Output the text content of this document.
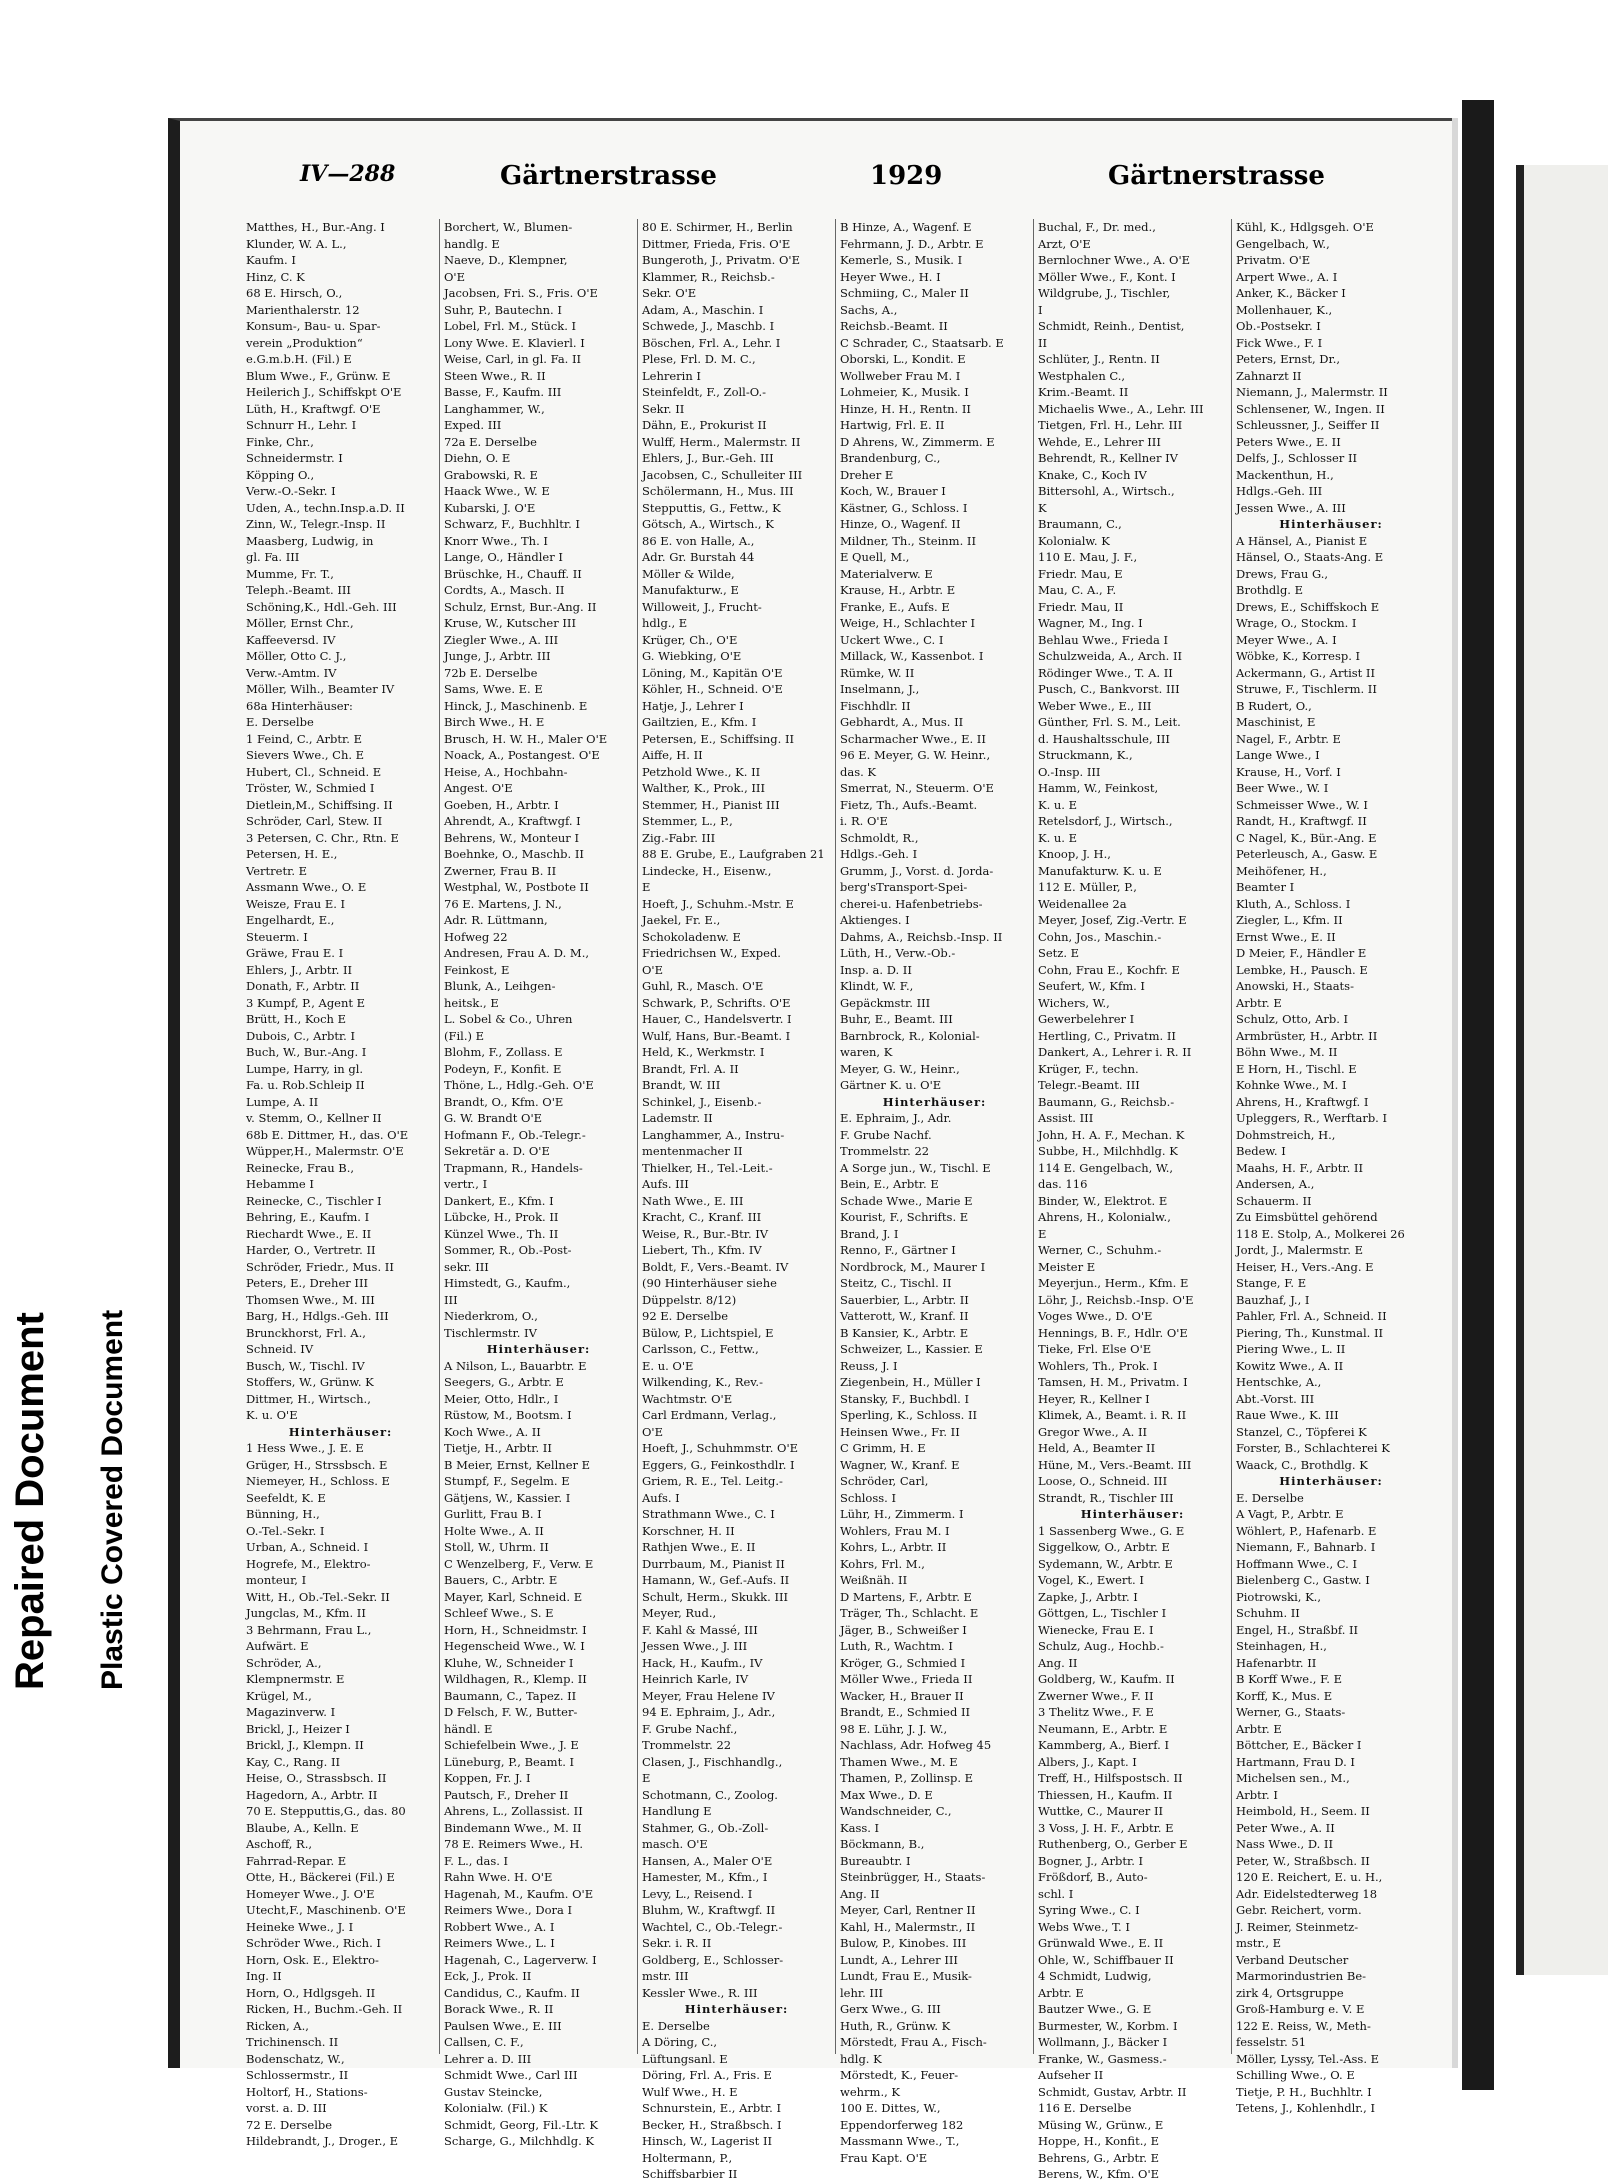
Repaired Document Plastic Covered Document
IV—288	Gärtnerstrasse	1929	Gärtnerstrasse
Matthes, H., Bur.-Ang. I
Klunder, W. A. L.,
Kaufm. I
Hinz, C. K
68 E. Hirsch, O.,
Marienthalerstr. 12
Konsum-, Bau- u. Spar-
verein „Produktion“
e.G.m.b.H. (Fil.) E
Blum Wwe., F., Grünw. E
Heilerich J., Schiffskpt O'E
Lüth, H., Kraftwgf. O'E
Schnurr H., Lehr. I
Finke, Chr.,
Schneidermstr. I
Köpping O.,
Verw.-O.-Sekr. I
Uden, A., techn.Insp.a.D. II
Zinn, W., Telegr.-Insp. II
Maasberg, Ludwig, in
gl. Fa. III
Mumme, Fr. T.,
Teleph.-Beamt. III
Schöning,K., Hdl.-Geh. III
Möller, Ernst Chr.,
Kaffeeversd. IV
Möller, Otto C. J.,
Verw.-Amtm. IV
Möller, Wilh., Beamter IV
68a Hinterhäuser:
E. Derselbe
1 Feind, C., Arbtr. E
Sievers Wwe., Ch. E
Hubert, Cl., Schneid. E
Tröster, W., Schmied I
Dietlein,M., Schiffsing. II
Schröder, Carl, Stew. II
3 Petersen, C. Chr., Rtn. E
Petersen, H. E.,
Vertretr. E
Assmann Wwe., O. E
Weisze, Frau E. I
Engelhardt, E.,
Steuerm. I
Gräwe, Frau E. I
Ehlers, J., Arbtr. II
Donath, F., Arbtr. II
3 Kumpf, P., Agent E
Brütt, H., Koch E
Dubois, C., Arbtr. I
Buch, W., Bur.-Ang. I
Lumpe, Harry, in gl.
Fa. u. Rob.Schleip II
Lumpe, A. II
v. Stemm, O., Kellner II
68b E. Dittmer, H., das. O'E
Wüpper,H., Malermstr. O'E
Reinecke, Frau B.,
Hebamme I
Reinecke, C., Tischler I
Behring, E., Kaufm. I
Riechardt Wwe., E. II
Harder, O., Vertretr. II
Schröder, Friedr., Mus. II
Peters, E., Dreher III
Thomsen Wwe., M. III
Barg, H., Hdlgs.-Geh. III
Brunckhorst, Frl. A.,
Schneid. IV
Busch, W., Tischl. IV
Stoffers, W., Grünw. K
Dittmer, H., Wirtsch.,
K. u. O'E
Hinterhäuser:
1 Hess Wwe., J. E. E
Grüger, H., Strssbsch. E
Niemeyer, H., Schloss. E
Seefeldt, K. E
Bünning, H.,
O.-Tel.-Sekr. I
Urban, A., Schneid. I
Hogrefe, M., Elektro-
monteur, I
Witt, H., Ob.-Tel.-Sekr. II
Jungclas, M., Kfm. II
3 Behrmann, Frau L.,
Aufwärt. E
Schröder, A.,
Klempnermstr. E
Krügel, M.,
Magazinverw. I
Brickl, J., Heizer I
Brickl, J., Klempn. II
Kay, C., Rang. II
Heise, O., Strassbsch. II
Hagedorn, A., Arbtr. II
70 E. Stepputtis,G., das. 80
Blaube, A., Kelln. E
Aschoff, R.,
Fahrrad-Repar. E
Otte, H., Bäckerei (Fil.) E
Homeyer Wwe., J. O'E
Utecht,F., Maschinenb. O'E
Heineke Wwe., J. I
Schröder Wwe., Rich. I
Horn, Osk. E., Elektro-
Ing. II
Horn, O., Hdlgsgeh. II
Ricken, H., Buchm.-Geh. II
Ricken, A.,
Trichinensch. II
Bodenschatz, W.,
Schlossermstr., II
Holtorf, H., Stations-
vorst. a. D. III
72 E. Derselbe
Hildebrandt, J., Droger., E
Borchert, W., Blumen-
handlg. E
Naeve, D., Klempner,
O'E
Jacobsen, Fri. S., Fris. O'E
Suhr, P., Bautechn. I
Lobel, Frl. M., Stück. I
Lony Wwe. E. Klavierl. I
Weise, Carl, in gl. Fa. II
Steen Wwe., R. II
Basse, F., Kaufm. III
Langhammer, W.,
Exped. III
72a E. Derselbe
Diehn, O. E
Grabowski, R. E
Haack Wwe., W. E
Kubarski, J. O'E
Schwarz, F., Buchhltr. I
Knorr Wwe., Th. I
Lange, O., Händler I
Brüschke, H., Chauff. II
Cordts, A., Masch. II
Schulz, Ernst, Bur.-Ang. II
Kruse, W., Kutscher III
Ziegler Wwe., A. III
Junge, J., Arbtr. III
72b E. Derselbe
Sams, Wwe. E. E
Hinck, J., Maschinenb. E
Birch Wwe., H. E
Brusch, H. W. H., Maler O'E
Noack, A., Postangest. O'E
Heise, A., Hochbahn-
Angest. O'E
Goeben, H., Arbtr. I
Ahrendt, A., Kraftwgf. I
Behrens, W., Monteur I
Boehnke, O., Maschb. II
Zwerner, Frau B. II
Westphal, W., Postbote II
76 E. Martens, J. N.,
Adr. R. Lüttmann,
Hofweg 22
Andresen, Frau A. D. M.,
Feinkost, E
Blunk, A., Leihgen-
heitsk., E
L. Sobel & Co., Uhren
(Fil.) E
Blohm, F., Zollass. E
Podeyn, F., Konfit. E
Thöne, L., Hdlg.-Geh. O'E
Brandt, O., Kfm. O'E
G. W. Brandt O'E
Hofmann F., Ob.-Telegr.-
Sekretär a. D. O'E
Trapmann, R., Handels-
vertr., I
Dankert, E., Kfm. I
Lübcke, H., Prok. II
Künzel Wwe., Th. II
Sommer, R., Ob.-Post-
sekr. III
Himstedt, G., Kaufm.,
III
Niederkrom, O.,
Tischlermstr. IV
Hinterhäuser:
A Nilson, L., Bauarbtr. E
Seegers, G., Arbtr. E
Meier, Otto, Hdlr., I
Rüstow, M., Bootsm. I
Koch Wwe., A. II
Tietje, H., Arbtr. II
B Meier, Ernst, Kellner E
Stumpf, F., Segelm. E
Gätjens, W., Kassier. I
Gurlitt, Frau B. I
Holte Wwe., A. II
Stoll, W., Uhrm. II
C Wenzelberg, F., Verw. E
Bauers, C., Arbtr. E
Mayer, Karl, Schneid. E
Schleef Wwe., S. E
Horn, H., Schneidmstr. I
Hegenscheid Wwe., W. I
Kluhe, W., Schneider I
Wildhagen, R., Klemp. II
Baumann, C., Tapez. II
D Felsch, F. W., Butter-
händl. E
Schiefelbein Wwe., J. E
Lüneburg, P., Beamt. I
Koppen, Fr. J. I
Pautsch, F., Dreher II
Ahrens, L., Zollassist. II
Bindemann Wwe., M. II
78 E. Reimers Wwe., H.
F. L., das. I
Rahn Wwe. H. O'E
Hagenah, M., Kaufm. O'E
Reimers Wwe., Dora I
Robbert Wwe., A. I
Reimers Wwe., L. I
Hagenah, C., Lagerverw. I
Eck, J., Prok. II
Candidus, C., Kaufm. II
Borack Wwe., R. II
Paulsen Wwe., E. III
Callsen, C. F.,
Lehrer a. D. III
Schmidt Wwe., Carl III
Gustav Steincke,
Kolonialw. (Fil.) K
Schmidt, Georg, Fil.-Ltr. K
Scharge, G., Milchhdlg. K
80 E. Schirmer, H., Berlin
Dittmer, Frieda, Fris. O'E
Bungeroth, J., Privatm. O'E
Klammer, R., Reichsb.-
Sekr. O'E
Adam, A., Maschin. I
Schwede, J., Maschb. I
Böschen, Frl. A., Lehr. I
Plese, Frl. D. M. C.,
Lehrerin I
Steinfeldt, F., Zoll-O.-
Sekr. II
Dähn, E., Prokurist II
Wulff, Herm., Malermstr. II
Ehlers, J., Bur.-Geh. III
Jacobsen, C., Schulleiter III
Schölermann, H., Mus. III
Stepputtis, G., Fettw., K
Götsch, A., Wirtsch., K
86 E. von Halle, A.,
Adr. Gr. Burstah 44
Möller & Wilde,
Manufakturw., E
Willoweit, J., Frucht-
hdlg., E
Krüger, Ch., O'E
G. Wiebking, O'E
Löning, M., Kapitän O'E
Köhler, H., Schneid. O'E
Hatje, J., Lehrer I
Gailtzien, E., Kfm. I
Petersen, E., Schiffsing. II
Aiffe, H. II
Petzhold Wwe., K. II
Walther, K., Prok., III
Stemmer, H., Pianist III
Stemmer, L., P.,
Zig.-Fabr. III
88 E. Grube, E., Laufgraben 21
Lindecke, H., Eisenw.,
E
Hoeft, J., Schuhm.-Mstr. E
Jaekel, Fr. E.,
Schokoladenw. E
Friedrichsen W., Exped.
O'E
Guhl, R., Masch. O'E
Schwark, P., Schrifts. O'E
Hauer, C., Handelsvertr. I
Wulf, Hans, Bur.-Beamt. I
Held, K., Werkmstr. I
Brandt, Frl. A. II
Brandt, W. III
Schinkel, J., Eisenb.-
Lademstr. II
Langhammer, A., Instru-
mentenmacher II
Thielker, H., Tel.-Leit.-
Aufs. III
Nath Wwe., E. III
Kracht, C., Kranf. III
Weise, R., Bur.-Btr. IV
Liebert, Th., Kfm. IV
Boldt, F., Vers.-Beamt. IV
(90 Hinterhäuser siehe
Düppelstr. 8/12)
92 E. Derselbe
Bülow, P., Lichtspiel, E
Carlsson, C., Fettw.,
E. u. O'E
Wilkending, K., Rev.-
Wachtmstr. O'E
Carl Erdmann, Verlag.,
O'E
Hoeft, J., Schuhmmstr. O'E
Eggers, G., Feinkosthdlr. I
Griem, R. E., Tel. Leitg.-
Aufs. I
Strathmann Wwe., C. I
Korschner, H. II
Rathjen Wwe., E. II
Durrbaum, M., Pianist II
Hamann, W., Gef.-Aufs. II
Schult, Herm., Skukk. III
Meyer, Rud.,
F. Kahl & Massé, III
Jessen Wwe., J. III
Hack, H., Kaufm., IV
Heinrich Karle, IV
Meyer, Frau Helene IV
94 E. Ephraim, J., Adr.,
F. Grube Nachf.,
Trommelstr. 22
Clasen, J., Fischhandlg.,
E
Schotmann, C., Zoolog.
Handlung E
Stahmer, G., Ob.-Zoll-
masch. O'E
Hansen, A., Maler O'E
Hamester, M., Kfm., I
Levy, L., Reisend. I
Bluhm, W., Kraftwgf. II
Wachtel, C., Ob.-Telegr.-
Sekr. i. R. II
Goldberg, E., Schlosser-
mstr. III
Kessler Wwe., R. III
Hinterhäuser:
E. Derselbe
A Döring, C.,
Lüftungsanl. E
Döring, Frl. A., Fris. E
Wulf Wwe., H. E
Schnurstein, E., Arbtr. I
Becker, H., Straßbsch. I
Hinsch, W., Lagerist II
Holtermann, P.,
Schiffsbarbier II
B Hinze, A., Wagenf. E
Fehrmann, J. D., Arbtr. E
Kemerle, S., Musik. I
Heyer Wwe., H. I
Schmiing, C., Maler II
Sachs, A.,
Reichsb.-Beamt. II
C Schrader, C., Staatsarb. E
Oborski, L., Kondit. E
Wollweber Frau M. I
Lohmeier, K., Musik. I
Hinze, H. H., Rentn. II
Hartwig, Frl. E. II
D Ahrens, W., Zimmerm. E
Brandenburg, C.,
Dreher E
Koch, W., Brauer I
Kästner, G., Schloss. I
Hinze, O., Wagenf. II
Mildner, Th., Steinm. II
E Quell, M.,
Materialverw. E
Krause, H., Arbtr. E
Franke, E., Aufs. E
Weige, H., Schlachter I
Uckert Wwe., C. I
Millack, W., Kassenbot. I
Rümke, W. II
Inselmann, J.,
Fischhdlr. II
Gebhardt, A., Mus. II
Scharmacher Wwe., E. II
96 E. Meyer, G. W. Heinr.,
das. K
Smerrat, N., Steuerm. O'E
Fietz, Th., Aufs.-Beamt.
i. R. O'E
Schmoldt, R.,
Hdlgs.-Geh. I
Grumm, J., Vorst. d. Jorda-
berg'sTransport-Spei-
cherei-u. Hafenbetriebs-
Aktienges. I
Dahms, A., Reichsb.-Insp. II
Lüth, H., Verw.-Ob.-
Insp. a. D. II
Klindt, W. F.,
Gepäckmstr. III
Buhr, E., Beamt. III
Barnbrock, R., Kolonial-
waren, K
Meyer, G. W., Heinr.,
Gärtner K. u. O'E
Hinterhäuser:
E. Ephraim, J., Adr.
F. Grube Nachf.
Trommelstr. 22
A Sorge jun., W., Tischl. E
Bein, E., Arbtr. E
Schade Wwe., Marie E
Kourist, F., Schrifts. E
Brand, J. I
Renno, F., Gärtner I
Nordbrock, M., Maurer I
Steitz, C., Tischl. II
Sauerbier, L., Arbtr. II
Vatterott, W., Kranf. II
B Kansier, K., Arbtr. E
Schweizer, L., Kassier. E
Reuss, J. I
Ziegenbein, H., Müller I
Stansky, F., Buchbdl. I
Sperling, K., Schloss. II
Heinsen Wwe., Fr. II
C Grimm, H. E
Wagner, W., Kranf. E
Schröder, Carl,
Schloss. I
Lühr, H., Zimmerm. I
Wohlers, Frau M. I
Kohrs, L., Arbtr. II
Kohrs, Frl. M.,
Weißnäh. II
D Martens, F., Arbtr. E
Träger, Th., Schlacht. E
Jäger, B., Schweißer I
Luth, R., Wachtm. I
Kröger, G., Schmied I
Möller Wwe., Frieda II
Wacker, H., Brauer II
Brandt, E., Schmied II
98 E. Lühr, J. J. W.,
Nachlass, Adr. Hofweg 45
Thamen Wwe., M. E
Thamen, P., Zollinsp. E
Max Wwe., D. E
Wandschneider, C.,
Kass. I
Böckmann, B.,
Bureaubtr. I
Steinbrügger, H., Staats-
Ang. II
Meyer, Carl, Rentner II
Kahl, H., Malermstr., II
Bulow, P., Kinobes. III
Lundt, A., Lehrer III
Lundt, Frau E., Musik-
lehr. III
Gerx Wwe., G. III
Huth, R., Grünw. K
Mörstedt, Frau A., Fisch-
hdlg. K
Mörstedt, K., Feuer-
wehrm., K
100 E. Dittes, W.,
Eppendorferweg 182
Massmann Wwe., T.,
Frau Kapt. O'E
Buchal, F., Dr. med.,
Arzt, O'E
Bernlochner Wwe., A. O'E
Möller Wwe., F., Kont. I
Wildgrube, J., Tischler,
I
Schmidt, Reinh., Dentist,
II
Schlüter, J., Rentn. II
Westphalen C.,
Krim.-Beamt. II
Michaelis Wwe., A., Lehr. III
Tietgen, Frl. H., Lehr. III
Wehde, E., Lehrer III
Behrendt, R., Kellner IV
Knake, C., Koch IV
Bittersohl, A., Wirtsch.,
K
Braumann, C.,
Kolonialw. K
110 E. Mau, J. F.,
Friedr. Mau, E
Mau, C. A., F.
Friedr. Mau, II
Wagner, M., Ing. I
Behlau Wwe., Frieda I
Schulzweida, A., Arch. II
Rödinger Wwe., T. A. II
Pusch, C., Bankvorst. III
Weber Wwe., E., III
Günther, Frl. S. M., Leit.
d. Haushaltsschule, III
Struckmann, K.,
O.-Insp. III
Hamm, W., Feinkost,
K. u. E
Retelsdorf, J., Wirtsch.,
K. u. E
Knoop, J. H.,
Manufakturw. K. u. E
112 E. Müller, P.,
Weidenallee 2a
Meyer, Josef, Zig.-Vertr. E
Cohn, Jos., Maschin.-
Setz. E
Cohn, Frau E., Kochfr. E
Seufert, W., Kfm. I
Wichers, W.,
Gewerbelehrer I
Hertling, C., Privatm. II
Dankert, A., Lehrer i. R. II
Krüger, F., techn.
Telegr.-Beamt. III
Baumann, G., Reichsb.-
Assist. III
John, H. A. F., Mechan. K
Subbe, H., Milchhdlg. K
114 E. Gengelbach, W.,
das. 116
Binder, W., Elektrot. E
Ahrens, H., Kolonialw.,
E
Werner, C., Schuhm.-
Meister E
Meyerjun., Herm., Kfm. E
Löhr, J., Reichsb.-Insp. O'E
Voges Wwe., D. O'E
Hennings, B. F., Hdlr. O'E
Tieke, Frl. Else O'E
Wohlers, Th., Prok. I
Tamsen, H. M., Privatm. I
Heyer, R., Kellner I
Klimek, A., Beamt. i. R. II
Gregor Wwe., A. II
Held, A., Beamter II
Hüne, M., Vers.-Beamt. III
Loose, O., Schneid. III
Strandt, R., Tischler III
Hinterhäuser:
1 Sassenberg Wwe., G. E
Siggelkow, O., Arbtr. E
Sydemann, W., Arbtr. E
Vogel, K., Ewert. I
Zapke, J., Arbtr. I
Göttgen, L., Tischler I
Wienecke, Frau E. I
Schulz, Aug., Hochb.-
Ang. II
Goldberg, W., Kaufm. II
Zwerner Wwe., F. II
3 Thelitz Wwe., F. E
Neumann, E., Arbtr. E
Kammberg, A., Bierf. I
Albers, J., Kapt. I
Treff, H., Hilfspostsch. II
Thiessen, H., Kaufm. II
Wuttke, C., Maurer II
3 Voss, J. H. F., Arbtr. E
Ruthenberg, O., Gerber E
Bogner, J., Arbtr. I
Frößdorf, B., Auto-
schl. I
Syring Wwe., C. I
Webs Wwe., T. I
Grünwald Wwe., E. II
Ohle, W., Schiffbauer II
4 Schmidt, Ludwig,
Arbtr. E
Bautzer Wwe., G. E
Burmester, W., Korbm. I
Wollmann, J., Bäcker I
Franke, W., Gasmess.-
Aufseher II
Schmidt, Gustav, Arbtr. II
116 E. Derselbe
Müsing W., Grünw., E
Hoppe, H., Konfit., E
Behrens, G., Arbtr. E
Berens, W., Kfm. O'E
Kühl, K., Hdlgsgeh. O'E
Gengelbach, W.,
Privatm. O'E
Arpert Wwe., A. I
Anker, K., Bäcker I
Mollenhauer, K.,
Ob.-Postsekr. I
Fick Wwe., F. I
Peters, Ernst, Dr.,
Zahnarzt II
Niemann, J., Malermstr. II
Schlensener, W., Ingen. II
Schleussner, J., Seiffer II
Peters Wwe., E. II
Delfs, J., Schlosser II
Mackenthun, H.,
Hdlgs.-Geh. III
Jessen Wwe., A. III
Hinterhäuser:
A Hänsel, A., Pianist E
Hänsel, O., Staats-Ang. E
Drews, Frau G.,
Brothdlg. E
Drews, E., Schiffskoch E
Wrage, O., Stockm. I
Meyer Wwe., A. I
Wöbke, K., Korresp. I
Ackermann, G., Artist II
Struwe, F., Tischlerm. II
B Rudert, O.,
Maschinist, E
Nagel, F., Arbtr. E
Lange Wwe., I
Krause, H., Vorf. I
Beer Wwe., W. I
Schmeisser Wwe., W. I
Randt, H., Kraftwgf. II
C Nagel, K., Bür.-Ang. E
Peterleusch, A., Gasw. E
Meihöfener, H.,
Beamter I
Kluth, A., Schloss. I
Ziegler, L., Kfm. II
Ernst Wwe., E. II
D Meier, F., Händler E
Lembke, H., Pausch. E
Anowski, H., Staats-
Arbtr. E
Schulz, Otto, Arb. I
Armbrüster, H., Arbtr. II
Böhn Wwe., M. II
E Horn, H., Tischl. E
Kohnke Wwe., M. I
Ahrens, H., Kraftwgf. I
Upleggers, R., Werftarb. I
Dohmstreich, H.,
Bedew. I
Maahs, H. F., Arbtr. II
Andersen, A.,
Schauerm. II
Zu Eimsbüttel gehörend
118 E. Stolp, A., Molkerei 26
Jordt, J., Malermstr. E
Heiser, H., Vers.-Ang. E
Stange, F. E
Bauzhaf, J., I
Pahler, Frl. A., Schneid. II
Piering, Th., Kunstmal. II
Piering Wwe., L. II
Kowitz Wwe., A. II
Hentschke, A.,
Abt.-Vorst. III
Raue Wwe., K. III
Stanzel, C., Töpferei K
Forster, B., Schlachterei K
Waack, C., Brothdlg. K
Hinterhäuser:
E. Derselbe
A Vagt, P., Arbtr. E
Wöhlert, P., Hafenarb. E
Niemann, F., Bahnarb. I
Hoffmann Wwe., C. I
Bielenberg C., Gastw. I
Piotrowski, K.,
Schuhm. II
Engel, H., Straßbf. II
Steinhagen, H.,
Hafenarbtr. II
B Korff Wwe., F. E
Korff, K., Mus. E
Werner, G., Staats-
Arbtr. E
Böttcher, E., Bäcker I
Hartmann, Frau D. I
Michelsen sen., M.,
Arbtr. I
Heimbold, H., Seem. II
Peter Wwe., A. II
Nass Wwe., D. II
Peter, W., Straßbsch. II
120 E. Reichert, E. u. H.,
Adr. Eidelstedterweg 18
Gebr. Reichert, vorm.
J. Reimer, Steinmetz-
mstr., E
Verband Deutscher
Marmorindustrien Be-
zirk 4, Ortsgruppe
Groß-Hamburg e. V. E
122 E. Reiss, W., Meth-
fesselstr. 51
Möller, Lyssy, Tel.-Ass. E
Schilling Wwe., O. E
Tietje, P. H., Buchhltr. I
Tetens, J., Kohlenhdlr., I
